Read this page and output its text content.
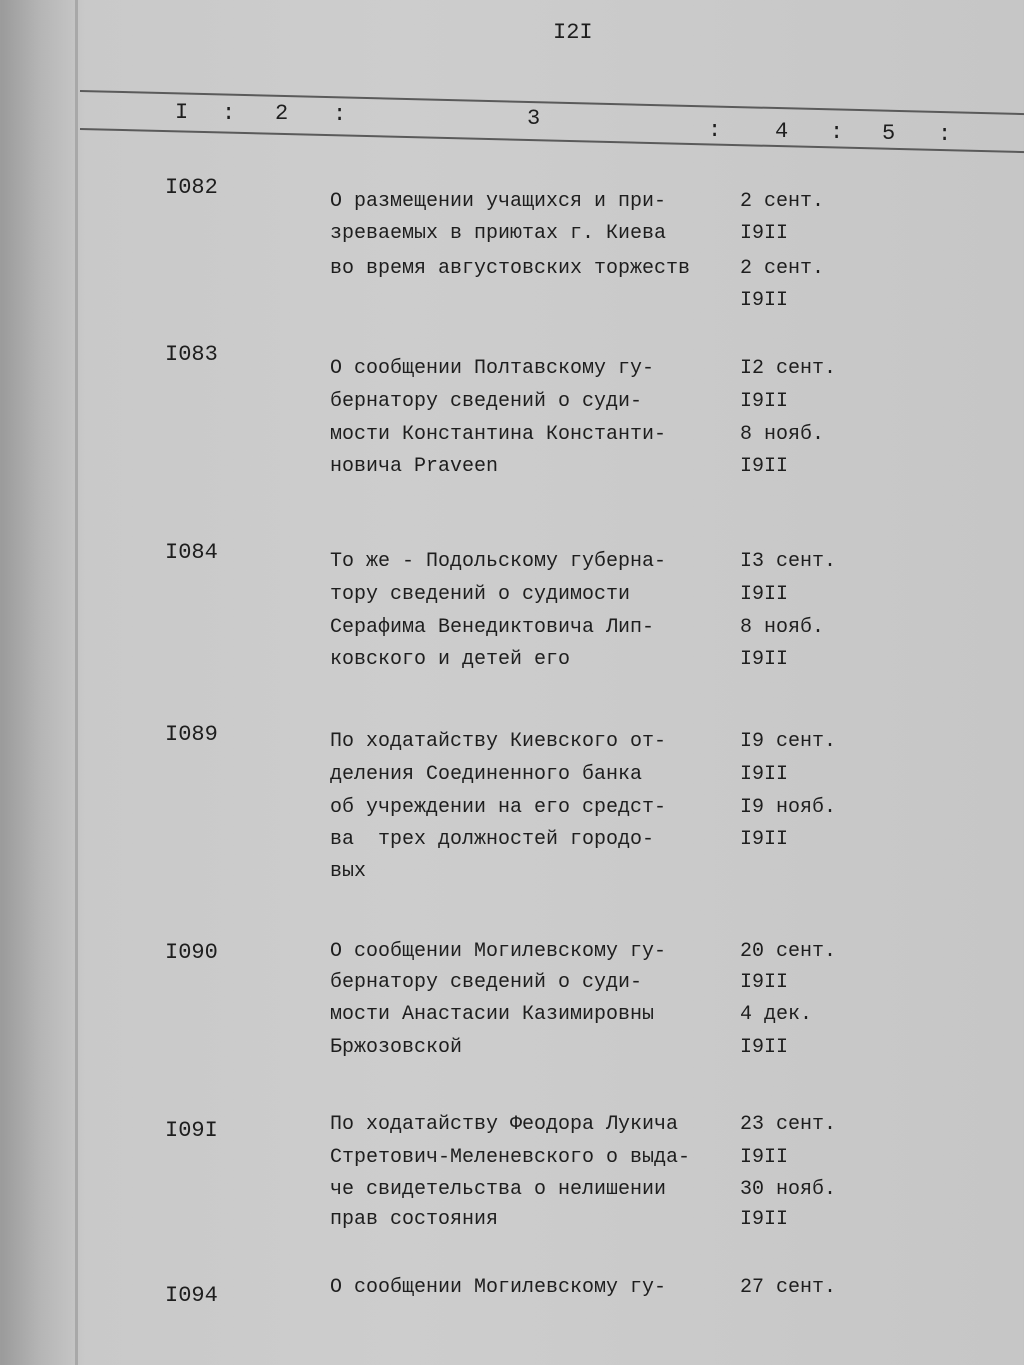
I2I
I : 2 :	3	: 4 : 5 :
I082
О размещении учащихся и при-	2 сент.
зреваемых в приютах г. Киева	I9II
во время августовских торжеств 2 сент.
I9II
I083
О сообщении Полтавскому гу-	I2 сент.
бернатору сведений о суди-	I9II
мости Константина Константи-	8 нояб.
новича Praveen	I9II
I084	То же - Подольскому губерна-	I3 сент.
тору сведений о судимости	I9II
Серафима Венедиктовича Лип-	8 нояб.
ковского и детей его	I9II
I089	По ходатайству Киевского от-	I9 сент.
деления Соединенного банка	I9II
об учреждении на его средст-	I9 нояб.
ва  трех должностей городо-	I9II
вых
I090	О сообщении Могилевскому гу-	20 сент.
бернатору сведений о суди-	I9II
мости Анастасии Казимировны	4 дек.
Бржозовской	I9II
I09I	По ходатайству Феодора Лукича	23 сент.
Стретович-Меленевского о выда- I9II
че свидетельства о нелишении	30 нояб.
прав состояния	I9II
I094	О сообщении Могилевскому гу-	27 сент.
